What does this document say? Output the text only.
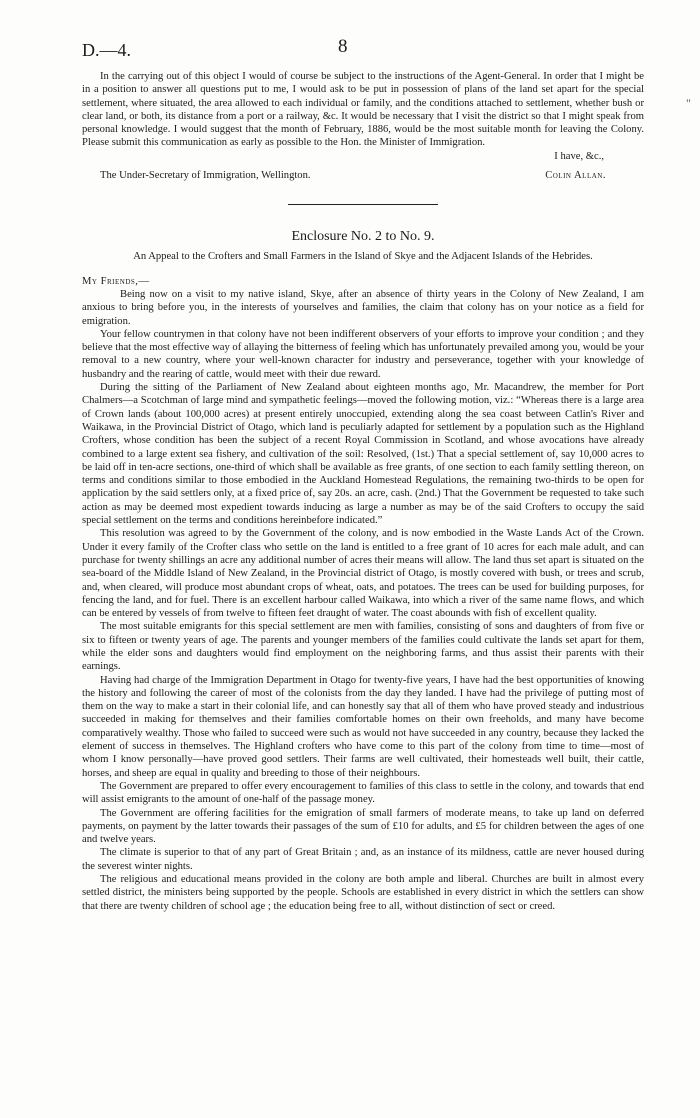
D.—4.	8
"

In the carrying out of this object I would of course be subject to the instructions of the Agent-General. In order that I might be in a position to answer all questions put to me, I would ask to be put in possession of plans of the land set apart for the special settlement, where situated, the area allowed to each individual or family, and the conditions attached to settlement, whether bush or clear land, or both, its distance from a port or a railway, &c. It would be necessary that I visit the district so that I might speak from personal knowledge. I would suggest that the month of February, 1886, would be the most suitable month for leaving the Colony. Please submit this communication as early as possible to the Hon. the Minister of Immigration.

I have, &c.,
The Under-Secretary of Immigration, Wellington.	Colin Allan.
Enclosure No. 2 to No. 9.
An Appeal to the Crofters and Small Farmers in the Island of Skye and the Adjacent Islands of the Hebrides.
My Friends,—

Being now on a visit to my native island, Skye, after an absence of thirty years in the Colony of New Zealand, I am anxious to bring before you, in the interests of yourselves and families, the claim that colony has on your notice as a field for emigration.

Your fellow countrymen in that colony have not been indifferent observers of your efforts to improve your condition ; and they believe that the most effective way of allaying the bitterness of feeling which has unfortunately prevailed among you, would be your removal to a new country, where your well-known character for industry and perseverance, together with your knowledge of husbandry and the rearing of cattle, would meet with their due reward.

During the sitting of the Parliament of New Zealand about eighteen months ago, Mr. Macandrew, the member for Port Chalmers—a Scotchman of large mind and sympathetic feelings—moved the following motion, viz.: “Whereas there is a large area of Crown lands (about 100,000 acres) at present entirely unoccupied, extending along the sea coast between Catlin's River and Waikawa, in the Provincial District of Otago, which land is peculiarly adapted for settlement by a population such as the Highland Crofters, whose condition has been the subject of a recent Royal Commission in Scotland, and whose avocations have already combined to a large extent sea fishery, and cultivation of the soil: Resolved, (1st.) That a special settlement of, say 10,000 acres to be laid off in ten-acre sections, one-third of which shall be available as free grants, of one section to each family settling thereon, on terms and conditions similar to those embodied in the Auckland Homestead Regulations, the remaining two-thirds to be open for application by the said settlers only, at a fixed price of, say 20s. an acre, cash. (2nd.) That the Government be requested to take such action as may be deemed most expedient towards inducing as large a number as may be of the said Crofters to occupy the said special settlement on the terms and conditions hereinbefore indicated.”

This resolution was agreed to by the Government of the colony, and is now embodied in the Waste Lands Act of the Crown. Under it every family of the Crofter class who settle on the land is entitled to a free grant of 10 acres for each male adult, and can purchase for twenty shillings an acre any additional number of acres their means will allow. The land thus set apart is situated on the sea-board of the Middle Island of New Zealand, in the Provincial district of Otago, is mostly covered with bush, or trees and scrub, and, when cleared, will produce most abundant crops of wheat, oats, and potatoes. The trees can be used for building purposes, for fencing the land, and for fuel. There is an excellent harbour called Waikawa, into which a river of the same name flows, and which can be entered by vessels of from twelve to fifteen feet draught of water. The coast abounds with fish of excellent quality.

The most suitable emigrants for this special settlement are men with families, consisting of sons and daughters of from five or six to fifteen or twenty years of age. The parents and younger members of the families could cultivate the lands set apart for them, while the elder sons and daughters would find employment on the neighboring farms, and thus assist their parents with their earnings.

Having had charge of the Immigration Department in Otago for twenty-five years, I have had the best opportunities of knowing the history and following the career of most of the colonists from the day they landed. I have had the privilege of putting most of them on the way to make a start in their colonial life, and can honestly say that all of them who have proved steady and industrious succeeded in making for themselves and their families comfortable homes on their own freeholds, and many have become comparatively wealthy. Those who failed to succeed were such as would not have succeeded in any country, because they lacked the element of success in themselves. The Highland crofters who have come to this part of the colony from time to time—most of whom I know personally—have proved good settlers. Their farms are well cultivated, their homesteads well built, their cattle, horses, and sheep are equal in quality and breeding to those of their neighbours.

The Government are prepared to offer every encouragement to families of this class to settle in the colony, and towards that end will assist emigrants to the amount of one-half of the passage money.

The Government are offering facilities for the emigration of small farmers of moderate means, to take up land on deferred payments, on payment by the latter towards their passages of the sum of £10 for adults, and £5 for children between the ages of one and twelve years.

The climate is superior to that of any part of Great Britain ; and, as an instance of its mildness, cattle are never housed during the severest winter nights.

The religious and educational means provided in the colony are both ample and liberal. Churches are built in almost every settled district, the ministers being supported by the people. Schools are established in every district in which the settlers can show that there are twenty children of school age ; the education being free to all, without distinction of sect or creed.
